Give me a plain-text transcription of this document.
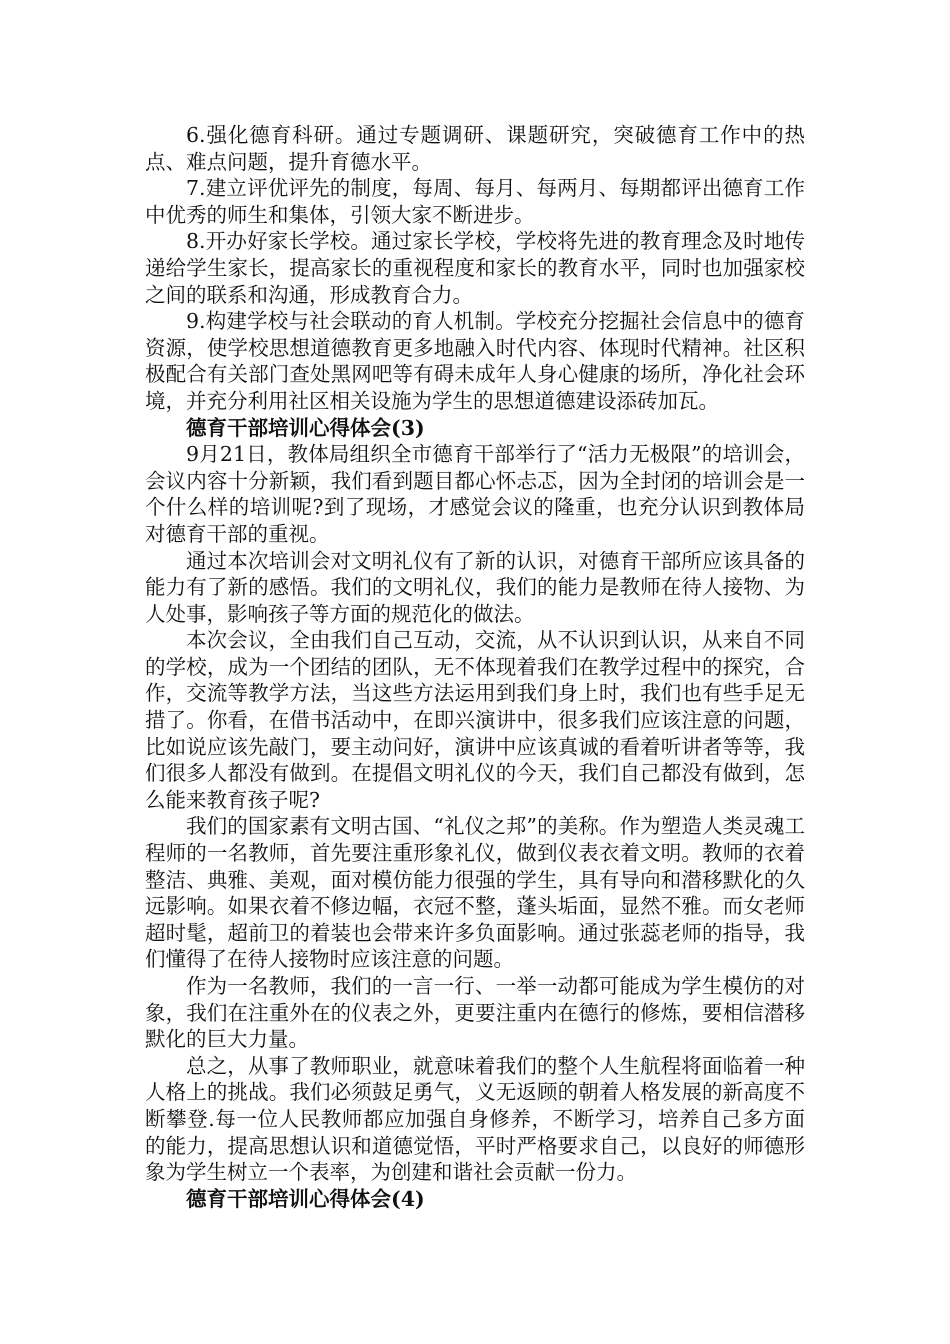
6.强化德育科研。通过专题调研、课题研究，突破德育工作中的热点、难点问题，提升育德水平。

7.建立评优评先的制度，每周、每月、每两月、每期都评出德育工作中优秀的师生和集体，引领大家不断进步。

8.开办好家长学校。通过家长学校，学校将先进的教育理念及时地传递给学生家长，提高家长的重视程度和家长的教育水平，同时也加强家校之间的联系和沟通，形成教育合力。

9.构建学校与社会联动的育人机制。学校充分挖掘社会信息中的德育资源，使学校思想道德教育更多地融入时代内容、体现时代精神。社区积极配合有关部门查处黑网吧等有碍未成年人身心健康的场所，净化社会环境，并充分利用社区相关设施为学生的思想道德建设添砖加瓦。

德育干部培训心得体会(3)

9月21日，教体局组织全市德育干部举行了“活力无极限”的培训会，会议内容十分新颖，我们看到题目都心怀忐忑，因为全封闭的培训会是一个什么样的培训呢?到了现场，才感觉会议的隆重，也充分认识到教体局对德育干部的重视。

通过本次培训会对文明礼仪有了新的认识，对德育干部所应该具备的能力有了新的感悟。我们的文明礼仪，我们的能力是教师在待人接物、为人处事，影响孩子等方面的规范化的做法。

本次会议，全由我们自己互动，交流，从不认识到认识，从来自不同的学校，成为一个团结的团队，无不体现着我们在教学过程中的探究，合作，交流等教学方法，当这些方法运用到我们身上时，我们也有些手足无措了。你看，在借书活动中，在即兴演讲中，很多我们应该注意的问题，比如说应该先敲门，要主动问好，演讲中应该真诚的看着听讲者等等，我们很多人都没有做到。在提倡文明礼仪的今天，我们自己都没有做到，怎么能来教育孩子呢?

我们的国家素有文明古国、“礼仪之邦”的美称。作为塑造人类灵魂工程师的一名教师，首先要注重形象礼仪，做到仪表衣着文明。教师的衣着整洁、典雅、美观，面对模仿能力很强的学生，具有导向和潜移默化的久远影响。如果衣着不修边幅，衣冠不整，蓬头垢面，显然不雅。而女老师超时髦，超前卫的着装也会带来许多负面影响。通过张蕊老师的指导，我们懂得了在待人接物时应该注意的问题。

作为一名教师，我们的一言一行、一举一动都可能成为学生模仿的对象，我们在注重外在的仪表之外，更要注重内在德行的修炼，要相信潜移默化的巨大力量。

总之，从事了教师职业，就意味着我们的整个人生航程将面临着一种人格上的挑战。我们必须鼓足勇气，义无返顾的朝着人格发展的新高度不断攀登.每一位人民教师都应加强自身修养，不断学习，培养自己多方面的能力，提高思想认识和道德觉悟，平时严格要求自己，以良好的师德形象为学生树立一个表率，为创建和谐社会贡献一份力。

德育干部培训心得体会(4)
